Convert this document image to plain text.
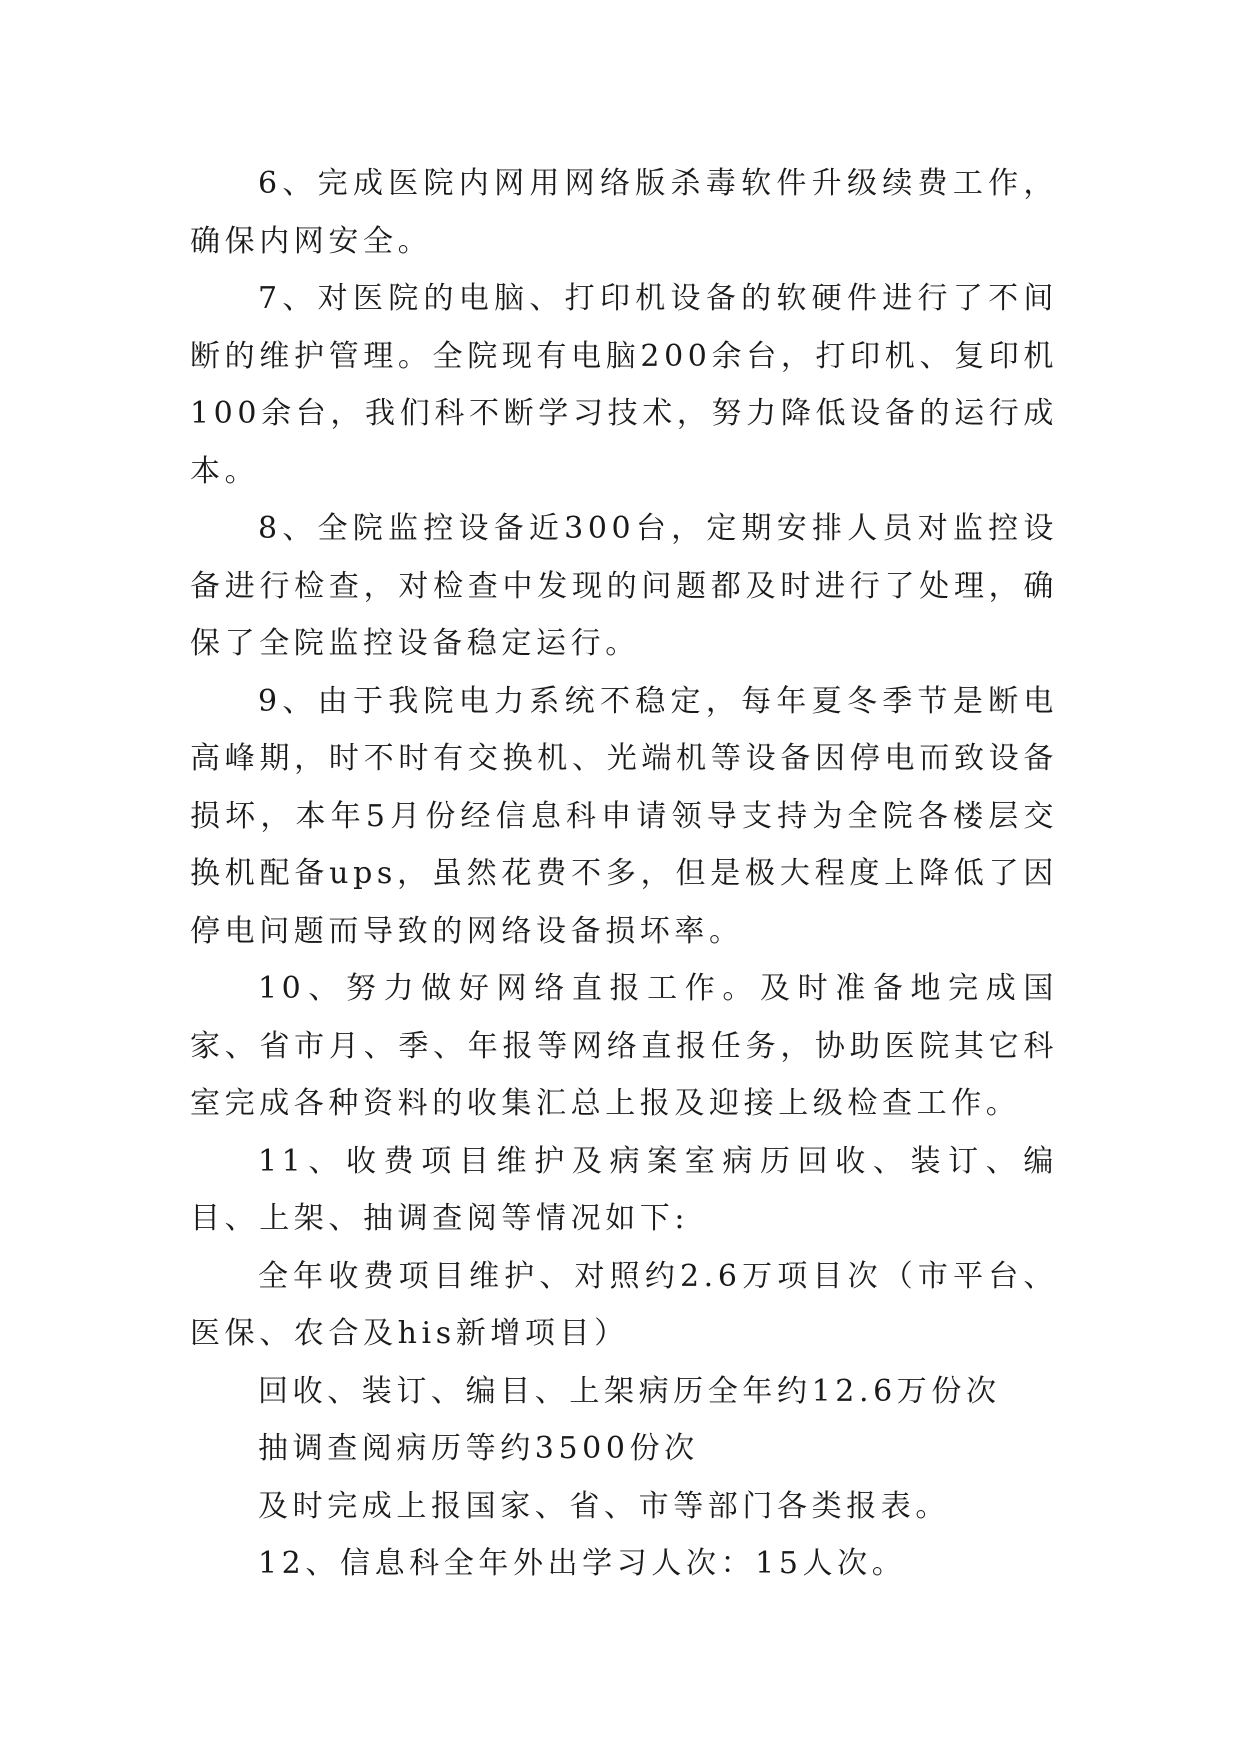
6、完成医院内网用网络版杀毒软件升级续费工作，确保内网安全。

7、对医院的电脑、打印机设备的软硬件进行了不间断的维护管理。全院现有电脑200余台，打印机、复印机100余台，我们科不断学习技术，努力降低设备的运行成本。

8、全院监控设备近300台，定期安排人员对监控设备进行检查，对检查中发现的问题都及时进行了处理，确保了全院监控设备稳定运行。

9、由于我院电力系统不稳定，每年夏冬季节是断电高峰期，时不时有交换机、光端机等设备因停电而致设备损坏，本年5月份经信息科申请领导支持为全院各楼层交换机配备ups，虽然花费不多，但是极大程度上降低了因停电问题而导致的网络设备损坏率。

10、努力做好网络直报工作。及时准备地完成国家、省市月、季、年报等网络直报任务，协助医院其它科室完成各种资料的收集汇总上报及迎接上级检查工作。

11、收费项目维护及病案室病历回收、装订、编目、上架、抽调查阅等情况如下:

全年收费项目维护、对照约2.6万项目次（市平台、医保、农合及his新增项目）

回收、装订、编目、上架病历全年约12.6万份次

抽调查阅病历等约3500份次

及时完成上报国家、省、市等部门各类报表。

12、信息科全年外出学习人次：15人次。
